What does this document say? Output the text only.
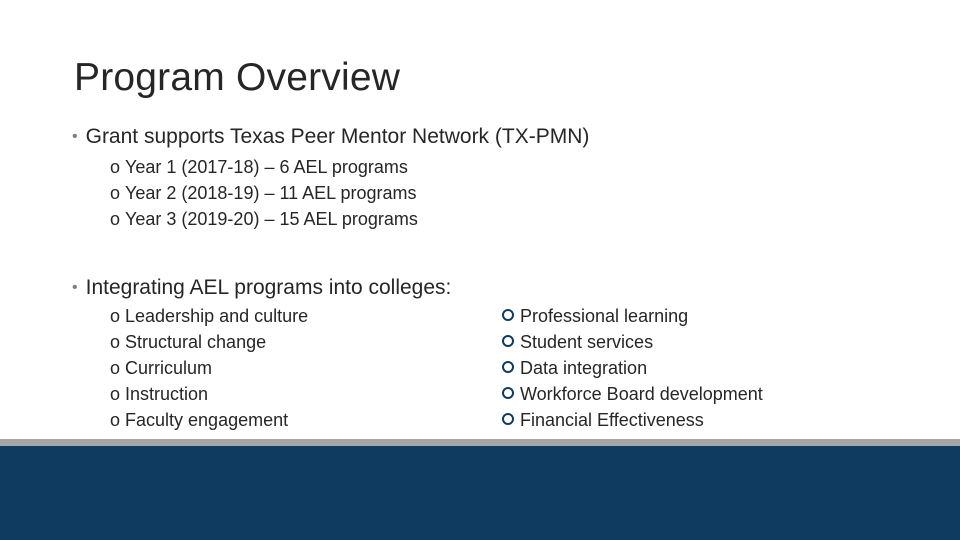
Program Overview
• Grant supports Texas Peer Mentor Network (TX-PMN)
o Year 1 (2017-18) – 6 AEL programs
o Year 2 (2018-19) – 11 AEL programs
o Year 3 (2019-20) – 15 AEL programs
• Integrating AEL programs into colleges:
o Leadership and culture
o Structural change
o Curriculum
o Instruction
o Faculty engagement
Professional learning
Student services
Data integration
Workforce Board development
Financial Effectiveness
